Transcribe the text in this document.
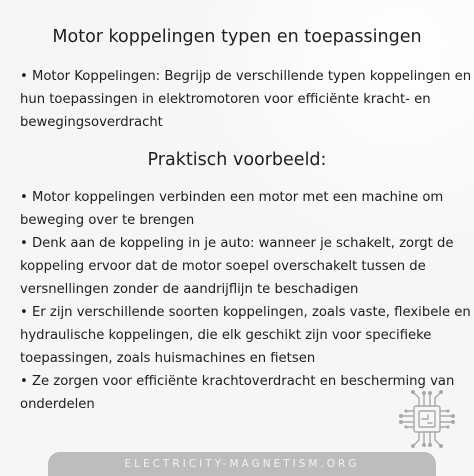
Motor koppelingen typen en toepassingen
• Motor Koppelingen: Begrijp de verschillende typen koppelingen en
hun toepassingen in elektromotoren voor efficiënte kracht- en
bewegingsoverdracht
Praktisch voorbeeld:
• Motor koppelingen verbinden een motor met een machine om
beweging over te brengen
• Denk aan de koppeling in je auto: wanneer je schakelt, zorgt de
koppeling ervoor dat de motor soepel overschakelt tussen de
versnellingen zonder de aandrijflijn te beschadigen
• Er zijn verschillende soorten koppelingen, zoals vaste, flexibele en
hydraulische koppelingen, die elk geschikt zijn voor specifieke
toepassingen, zoals huismachines en fietsen
• Ze zorgen voor efficiënte krachtoverdracht en bescherming van
onderdelen
ELECTRICITY-MAGNETISM.ORG
